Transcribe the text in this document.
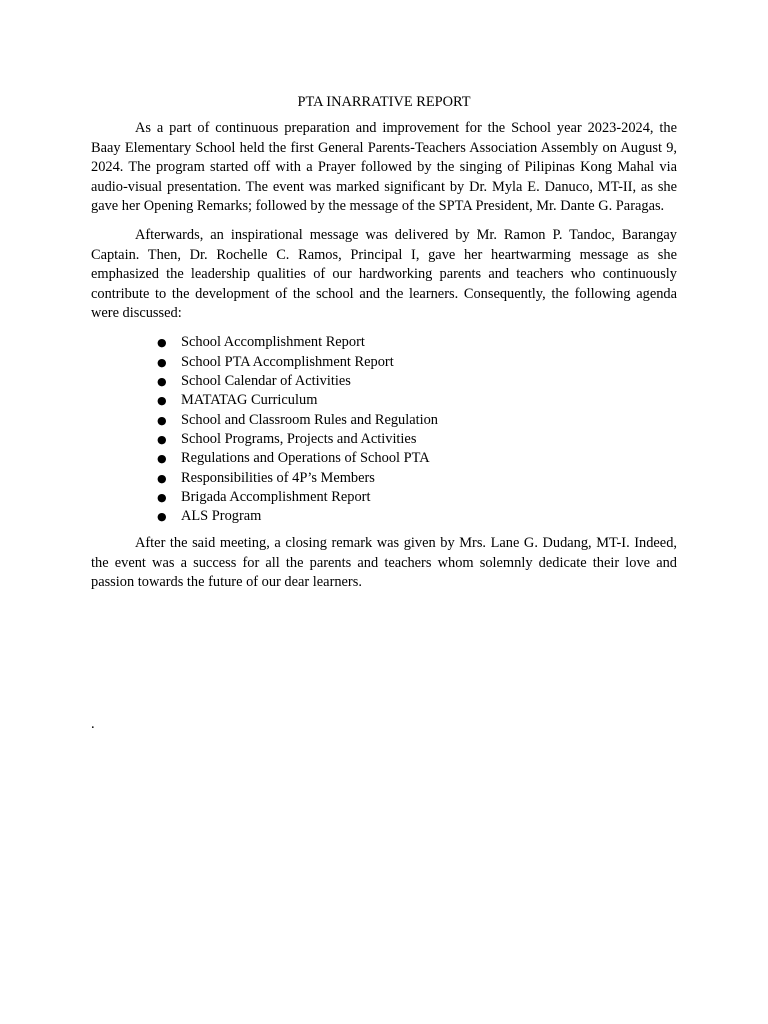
PTA INARRATIVE REPORT

As a part of continuous preparation and improvement for the School year 2023-2024, the Baay Elementary School held the first General Parents-Teachers Association Assembly on August 9, 2024. The program started off with a Prayer followed by the singing of Pilipinas Kong Mahal via audio-visual presentation. The event was marked significant by Dr. Myla E. Danuco, MT-II, as she gave her Opening Remarks; followed by the message of the SPTA President, Mr. Dante G. Paragas.

Afterwards, an inspirational message was delivered by Mr. Ramon P. Tandoc, Barangay Captain. Then, Dr. Rochelle C. Ramos, Principal I, gave her heartwarming message as she emphasized the leadership qualities of our hardworking parents and teachers who continuously contribute to the development of the school and the learners. Consequently, the following agenda were discussed:

● School Accomplishment Report
● School PTA Accomplishment Report
● School Calendar of Activities
● MATATAG Curriculum
● School and Classroom Rules and Regulation
● School Programs, Projects and Activities
● Regulations and Operations of School PTA
● Responsibilities of 4P’s Members
● Brigada Accomplishment Report
● ALS Program

After the said meeting, a closing remark was given by Mrs. Lane G. Dudang, MT-I. Indeed, the event was a success for all the parents and teachers whom solemnly dedicate their love and passion towards the future of our dear learners.

.
